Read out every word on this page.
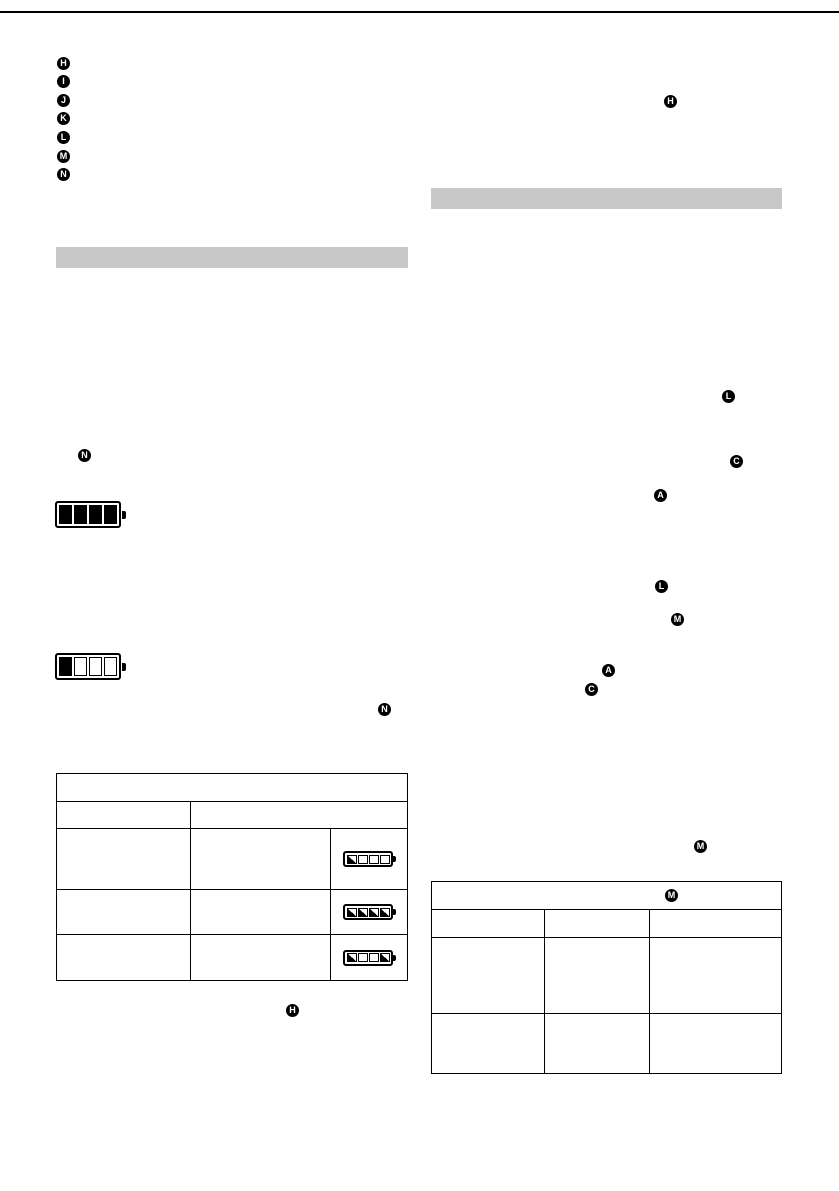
H
I
J
K
L
M
N
N
N

H
H
L
C
A
L
M
A
C
M
M		
